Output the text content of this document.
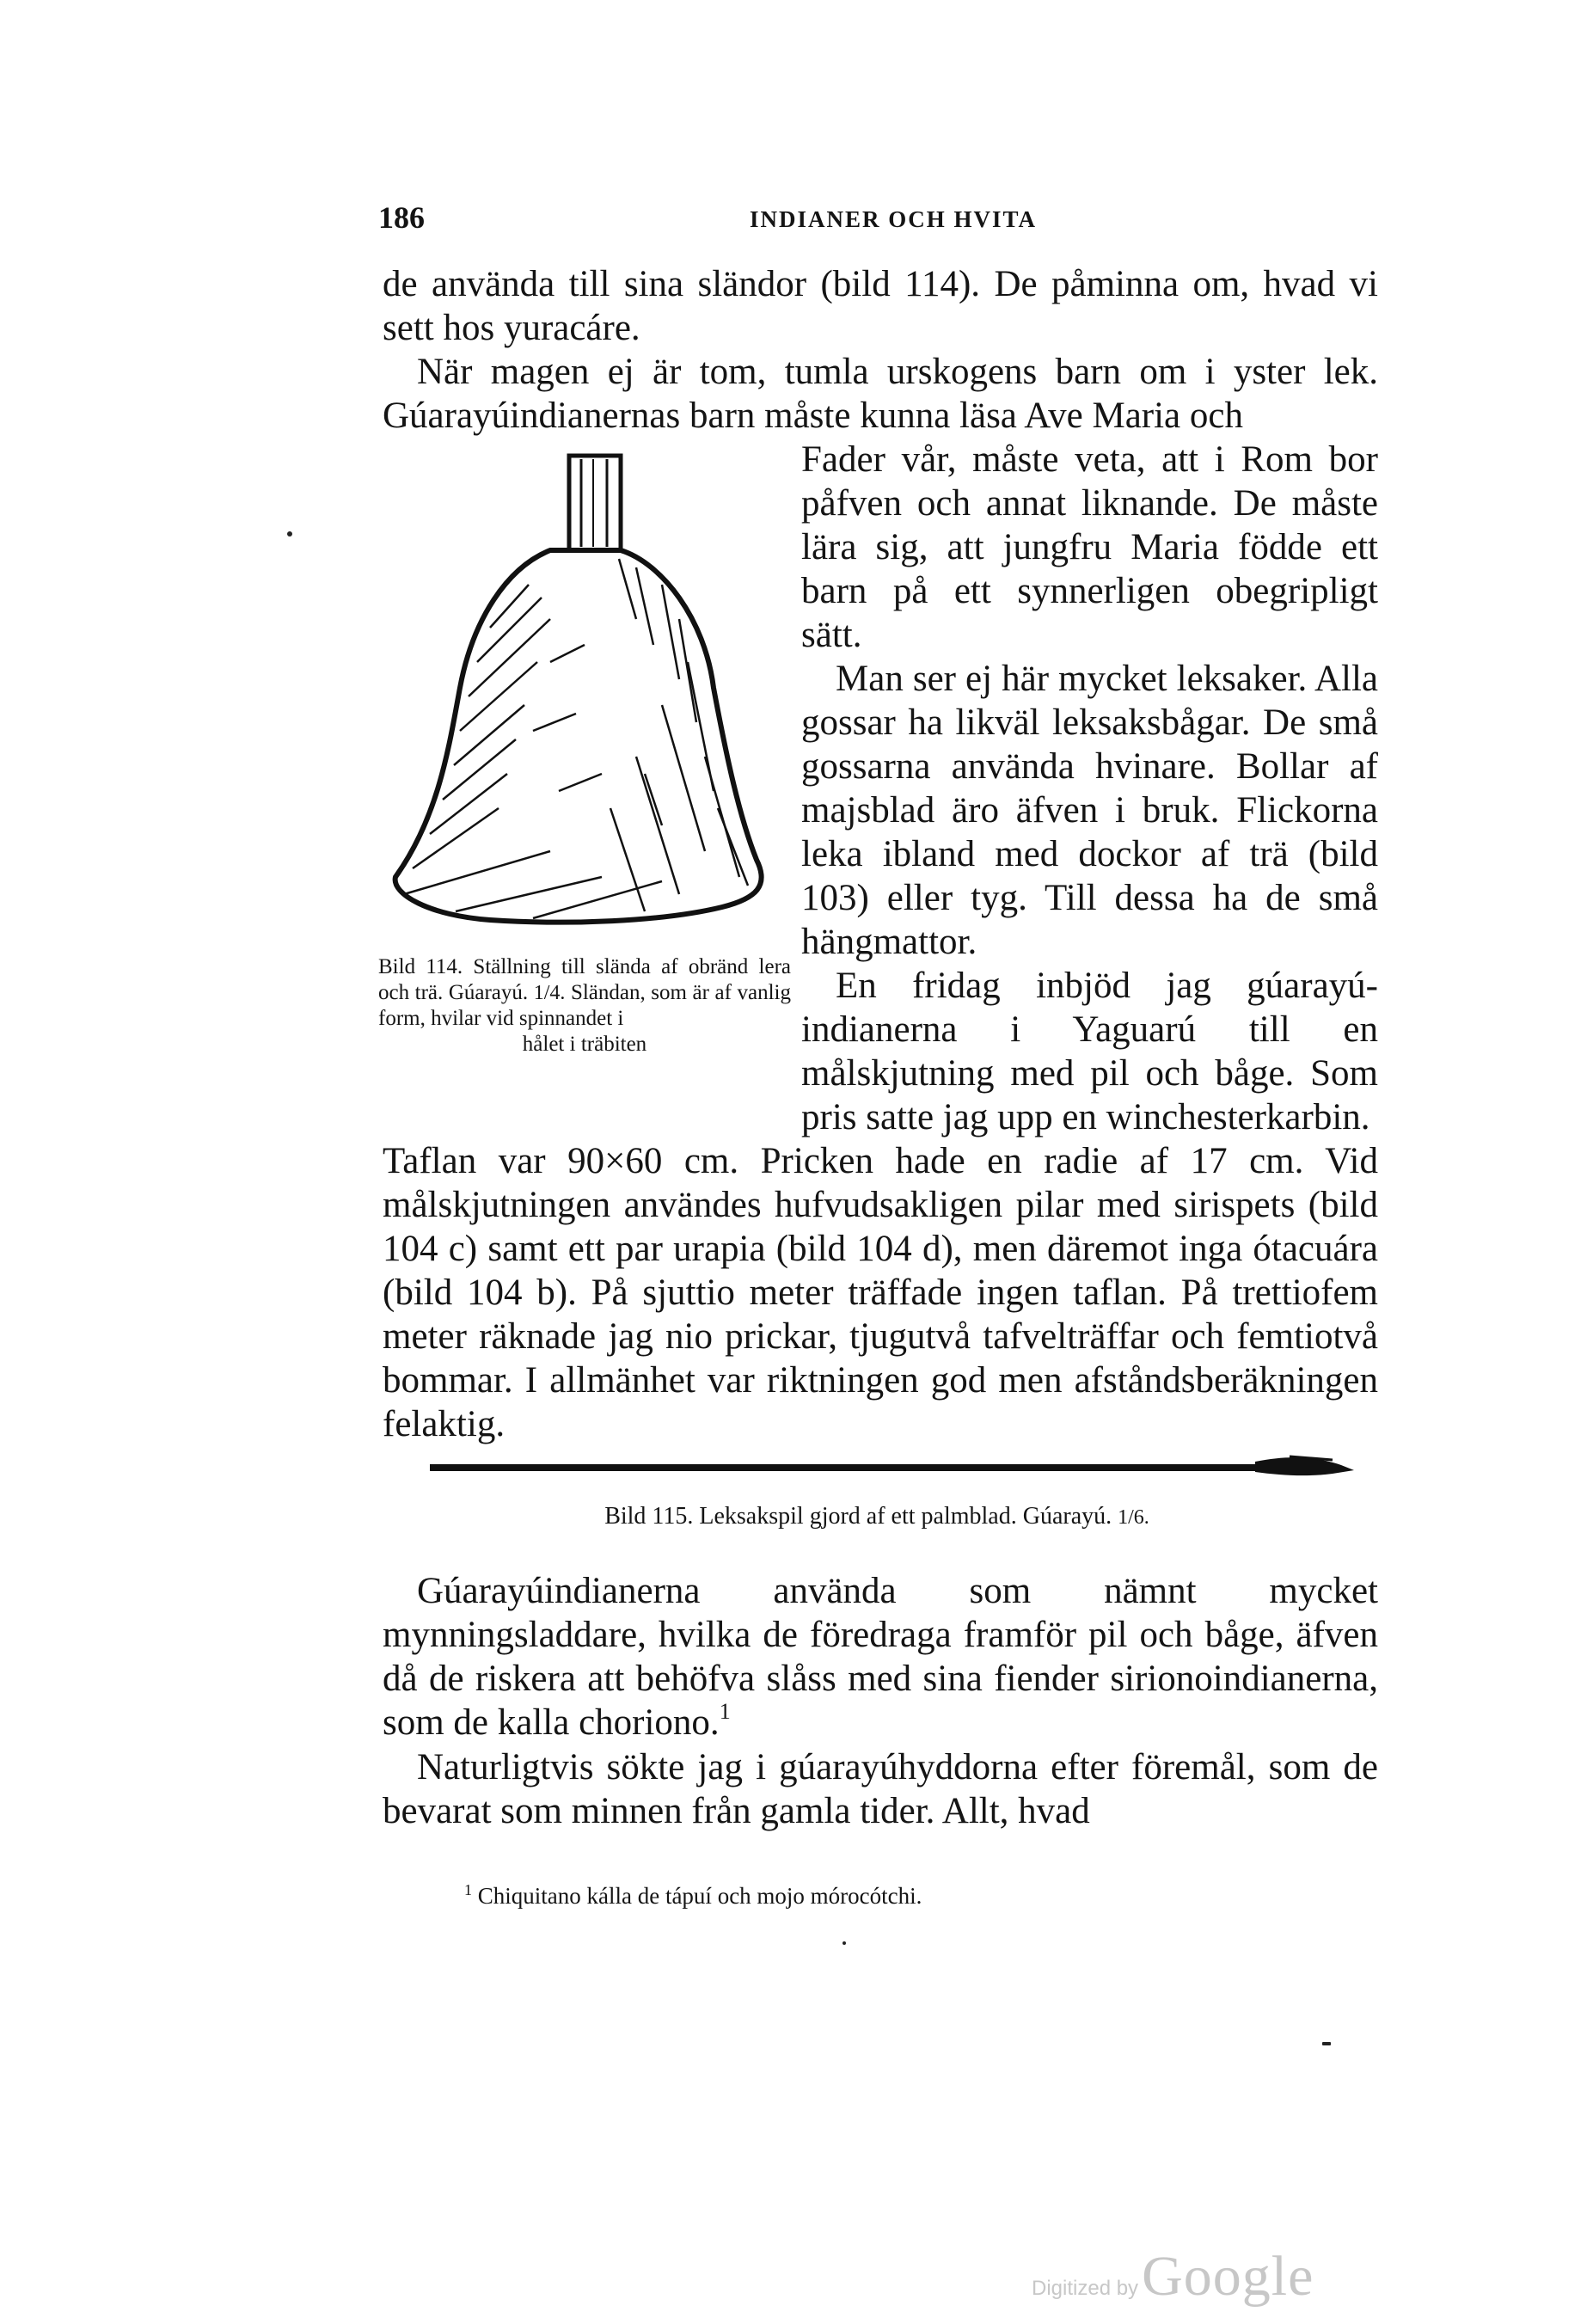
186	INDIANER OCH HVITA
de använda till sina sländor (bild 114). De påminna om, hvad vi sett hos yuracáre.
När magen ej är tom, tumla urskogens barn om i yster lek. Gúarayúindianernas barn måste kunna läsa Ave Maria och
Fader vår, måste veta, att i Rom bor påfven och annat liknande. De måste lära sig, att jungfru Maria födde ett barn på ett synnerligen obegripligt sätt.
Man ser ej här mycket leksaker. Alla gossar ha likväl leksaksbågar. De små gossarna använda hvinare. Bollar af majsblad äro äfven i bruk. Flickorna leka ibland med dockor af trä (bild 103) eller tyg. Till dessa ha de små hängmattor.
En fridag inbjöd jag gúarayú-indianerna i Yaguarú till en målskjutning med pil och båge. Som pris satte jag upp en winchesterkarbin.
Taflan var 90×60 cm. Pricken hade en radie af 17 cm. Vid målskjutningen användes hufvudsakligen pilar med sirispets (bild 104 c) samt ett par urapia (bild 104 d), men däremot inga ótacuára (bild 104 b). På sjuttio meter träffade ingen taflan. På trettiofem meter räknade jag nio prickar, tjugutvå tafvelträffar och femtiotvå bommar. I allmänhet var riktningen god men afståndsberäkningen felaktig.
Bild 114. Ställning till slända af obränd lera och trä. Gúarayú. 1/4. Sländan, som är af vanlig form, hvilar vid spinnandet i
hålet i träbiten
Bild 115. Leksakspil gjord af ett palmblad. Gúarayú. 1/6.
Gúarayúindianerna använda som nämnt mycket mynningsladdare, hvilka de föredraga framför pil och båge, äfven då de riskera att behöfva slåss med sina fiender sirionoindianerna, som de kalla choriono.$^1$
Naturligtvis sökte jag i gúarayúhyddorna efter föremål, som de bevarat som minnen från gamla tider. Allt, hvad
$^1$ Chiquitano kálla de tápuí och mojo mórocótchi.
Digitized by Google
